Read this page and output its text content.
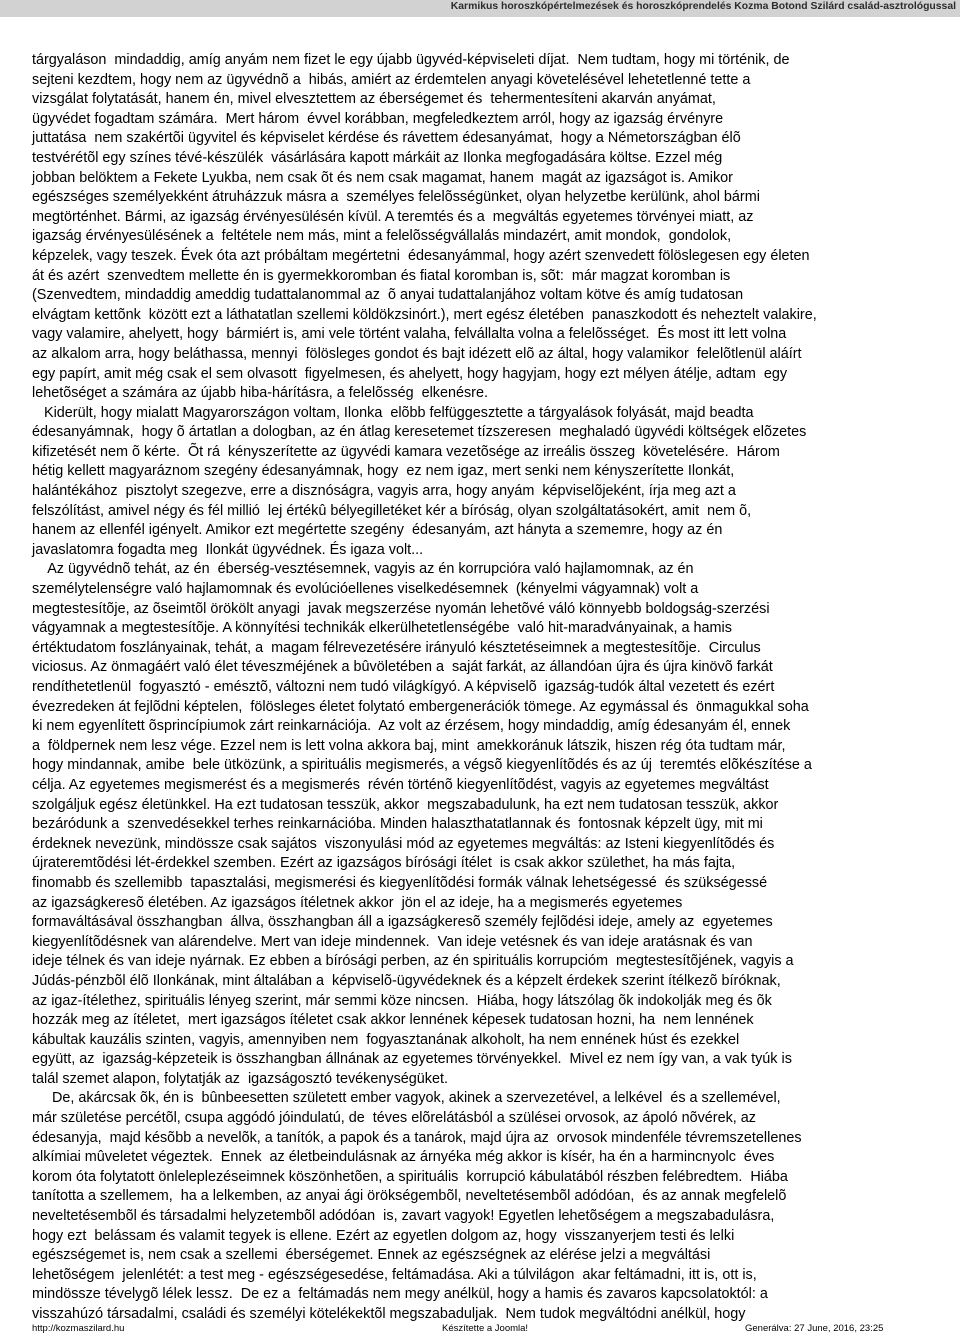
Karmikus horoszkópértelmezések és horoszkóprendelés Kozma Botond Szilárd család-asztrológussal

tárgyaláson  mindaddig, amíg anyám nem fizet le egy újabb ügyvéd-képviseleti díjat.  Nem tudtam, hogy mi történik, de

sejteni kezdtem, hogy nem az ügyvédnõ a  hibás, amiért az érdemtelen anyagi követelésével lehetetlenné tette a

vizsgálat folytatását, hanem én, mivel elvesztettem az éberségemet és  tehermentesíteni akarván anyámat,

ügyvédet fogadtam számára.  Mert három  évvel korábban, megfeledkeztem arról, hogy az igazság érvényre

juttatása  nem szakértõi ügyvitel és képviselet kérdése és rávettem édesanyámat,  hogy a Németországban élõ

testvérétõl egy színes tévé-készülék  vásárlására kapott márkáit az Ilonka megfogadására költse. Ezzel még

jobban belöktem a Fekete Lyukba, nem csak õt és nem csak magamat, hanem  magát az igazságot is. Amikor

egészséges személyekként átruházzuk másra a  személyes felelõsségünket, olyan helyzetbe kerülünk, ahol bármi

megtörténhet. Bármi, az igazság érvényesülésén kívül. A teremtés és a  megváltás egyetemes törvényei miatt, az

igazság érvényesülésének a  feltétele nem más, mint a felelõsségvállalás mindazért, amit mondok,  gondolok,

képzelek, vagy teszek. Évek óta azt próbáltam megértetni  édesanyámmal, hogy azért szenvedett fölöslegesen egy életen

át és azért  szenvedtem mellette én is gyermekkoromban és fiatal koromban is, sõt:  már magzat koromban is

(Szenvedtem, mindaddig ameddig tudattalanommal az  õ anyai tudattalanjához voltam kötve és amíg tudatosan

elvágtam kettõnk  között ezt a láthatatlan szellemi köldökzsinórt.), mert egész életében  panaszkodott és neheztelt valakire,

vagy valamire, ahelyett, hogy  bármiért is, ami vele történt valaha, felvállalta volna a felelõsséget.  És most itt lett volna

az alkalom arra, hogy beláthassa, mennyi  fölösleges gondot és bajt idézett elõ az által, hogy valamikor  felelõtlenül aláírt

egy papírt, amit még csak el sem olvasott  figyelmesen, és ahelyett, hogy hagyjam, hogy ezt mélyen átélje, adtam  egy

lehetõséget a számára az újabb hiba-hárításra, a felelõsség  elkenésre.

Kiderült, hogy mialatt Magyarországon voltam, Ilonka  elõbb felfüggesztette a tárgyalások folyását, majd beadta

édesanyámnak,  hogy õ ártatlan a dologban, az én átlag keresetemet tízszeresen  meghaladó ügyvédi költségek elõzetes

kifizetését nem õ kérte.  Õt rá  kényszerítette az ügyvédi kamara vezetõsége az irreális összeg  követelésére.  Három

hétig kellett magyaráznom szegény édesanyámnak, hogy  ez nem igaz, mert senki nem kényszerítette Ilonkát,

halántékához  pisztolyt szegezve, erre a disznóságra, vagyis arra, hogy anyám  képviselõjeként, írja meg azt a

felszólítást, amivel négy és fél millió  lej értékû bélyegilletéket kér a bíróság, olyan szolgáltatásokért, amit  nem õ,

hanem az ellenfél igényelt. Amikor ezt megértette szegény  édesanyám, azt hányta a szememre, hogy az én

javaslatomra fogadta meg  Ilonkát ügyvédnek. És igaza volt...

Az ügyvédnõ tehát, az én  éberség-vesztésemnek, vagyis az én korrupcióra való hajlamomnak, az én

személytelenségre való hajlamomnak és evolúcióellenes viselkedésemnek  (kényelmi vágyamnak) volt a

megtestesítõje, az õseimtõl örökölt anyagi  javak megszerzése nyomán lehetõvé váló könnyebb boldogság-szerzési

vágyamnak a megtestesítõje. A könnyítési technikák elkerülhetetlenségébe  való hit-maradványainak, a hamis

értéktudatom foszlányainak, tehát, a  magam félrevezetésére irányuló késztetéseimnek a megtestesítõje.  Circulus

viciosus. Az önmagáért való élet téveszméjének a bûvöletében a  saját farkát, az állandóan újra és újra kinövõ farkát

rendíthetetlenül  fogyasztó - emésztõ, változni nem tudó világkígyó. A képviselõ  igazság-tudók által vezetett és ezért

évezredeken át fejlõdni képtelen,  fölösleges életet folytató embergenerációk tömege. Az egymással és  önmagukkal soha

ki nem egyenlített õsprincípiumok zárt reinkarnációja.  Az volt az érzésem, hogy mindaddig, amíg édesanyám él, ennek

a  földpernek nem lesz vége. Ezzel nem is lett volna akkora baj, mint  amekkoránuk látszik, hiszen rég óta tudtam már,

hogy mindannak, amibe  bele ütközünk, a spirituális megismerés, a végsõ kiegyenlítõdés és az új  teremtés elõkészítése a

célja. Az egyetemes megismerést és a megismerés  révén történõ kiegyenlítõdést, vagyis az egyetemes megváltást

szolgáljuk egész életünkkel. Ha ezt tudatosan tesszük, akkor  megszabadulunk, ha ezt nem tudatosan tesszük, akkor

bezáródunk a  szenvedésekkel terhes reinkarnációba. Minden halaszthatatlannak és  fontosnak képzelt ügy, mit mi

érdeknek nevezünk, mindössze csak sajátos  viszonyulási mód az egyetemes megváltás: az Isteni kiegyenlítõdés és

újrateremtõdési lét-érdekkel szemben. Ezért az igazságos bírósági ítélet  is csak akkor születhet, ha más fajta,

finomabb és szellemibb  tapasztalási, megismerési és kiegyenlítõdési formák válnak lehetségessé  és szükségessé

az igazságkeresõ életében. Az igazságos ítéletnek akkor  jön el az ideje, ha a megismerés egyetemes

formaváltásával összhangban  állva, összhangban áll a igazságkeresõ személy fejlõdési ideje, amely az  egyetemes

kiegyenlítõdésnek van alárendelve. Mert van ideje mindennek.  Van ideje vetésnek és van ideje aratásnak és van

ideje télnek és van ideje nyárnak. Ez ebben a bírósági perben, az én spirituális korrupcióm  megtestesítõjének, vagyis a

Júdás-pénzbõl élõ Ilonkának, mint általában a  képviselõ-ügyvédeknek és a képzelt érdekek szerint ítélkezõ bíróknak,

az igaz-ítélethez, spirituális lényeg szerint, már semmi köze nincsen.  Hiába, hogy látszólag õk indokolják meg és õk

hozzák meg az ítéletet,  mert igazságos ítéletet csak akkor lennének képesek tudatosan hozni, ha  nem lennének

kábultak kauzális szinten, vagyis, amennyiben nem  fogyasztanának alkoholt, ha nem ennének húst és ezekkel

együtt, az  igazság-képzeteik is összhangban állnának az egyetemes törvényekkel.  Mivel ez nem így van, a vak tyúk is

talál szemet alapon, folytatják az  igazságosztó tevékenységüket.

De, akárcsak õk, én is  bûnbeesetten született ember vagyok, akinek a szervezetével, a lelkével  és a szellemével,

már születése percétõl, csupa aggódó jóindulatú, de  téves elõrelátásból a szülései orvosok, az ápoló nõvérek, az

édesanyja,  majd késõbb a nevelõk, a tanítók, a papok és a tanárok, majd újra az  orvosok mindenféle tévremszetellenes

alkímiai mûveletet végeztek.  Ennek  az életbeindulásnak az árnyéka még akkor is kísér, ha én a harmincnyolc  éves

korom óta folytatott önleleplezéseimnek köszönhetõen, a spirituális  korrupció kábulatából részben felébredtem.  Hiába

tanította a szellemem,  ha a lelkemben, az anyai ági örökségembõl, neveltetésembõl adódóan,  és az annak megfelelõ

neveltetésembõl és társadalmi helyzetembõl adódóan  is, zavart vagyok! Egyetlen lehetõségem a megszabadulásra,

hogy ezt  belássam és valamit tegyek is ellene. Ezért az egyetlen dolgom az, hogy  visszanyerjem testi és lelki

egészségemet is, nem csak a szellemi  éberségemet. Ennek az egészségnek az elérése jelzi a megváltási

lehetõségem  jelenlétét: a test meg - egészségesedése, feltámadása. Aki a túlvilágon  akar feltámadni, itt is, ott is,

mindössze tévelygõ lélek lessz.  De ez a  feltámadás nem megy anélkül, hogy a hamis és zavaros kapcsolatoktól: a

visszahúzó társadalmi, családi és személyi kötelékektõl megszabaduljak.  Nem tudok megváltódni anélkül, hogy

http://kozmaszilard.hu	Készítette a Joomla!	Generálva: 27 June, 2016, 23:25
